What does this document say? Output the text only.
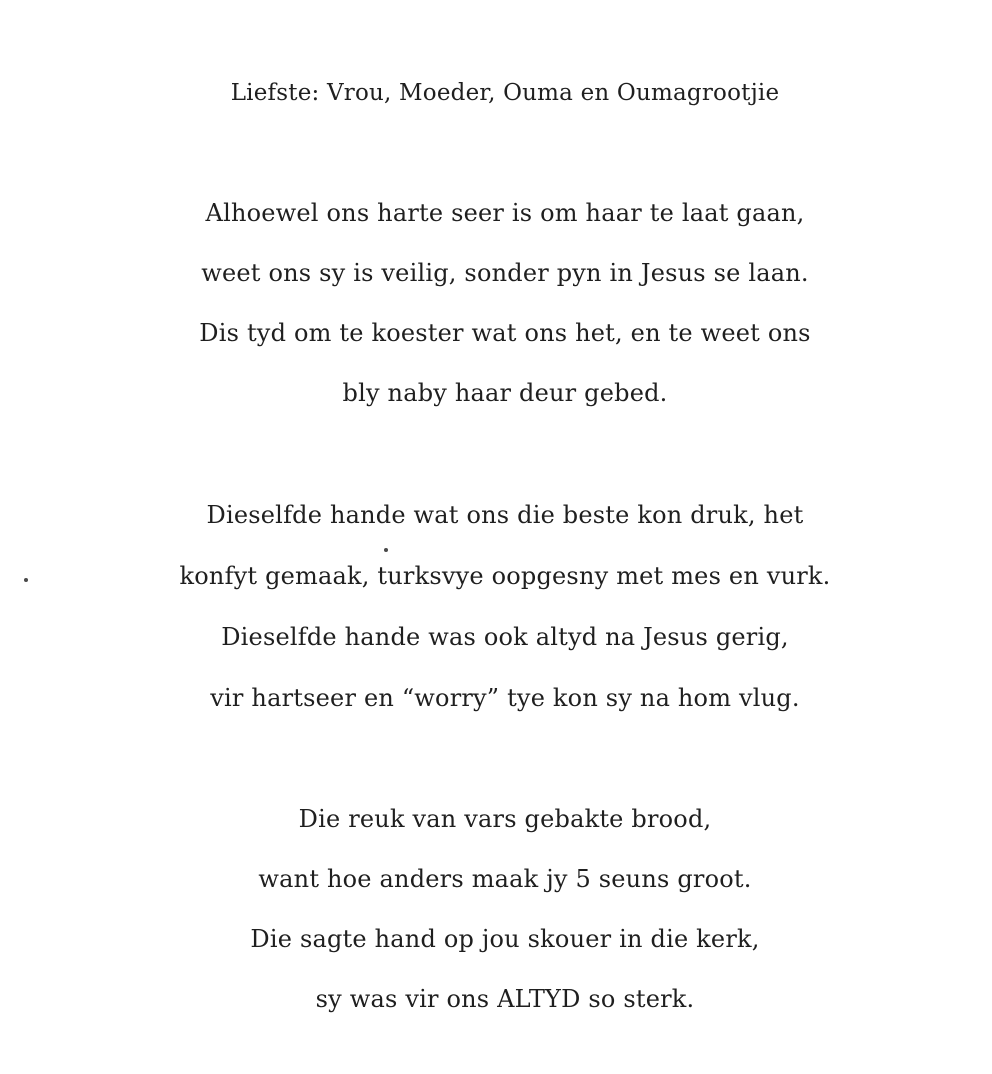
Liefste: Vrou, Moeder, Ouma en Oumagrootjie
Alhoewel ons harte seer is om haar te laat gaan,
weet ons sy is veilig, sonder pyn in Jesus se laan.
Dis tyd om te koester wat ons het, en te weet ons
bly naby haar deur gebed.
Dieselfde hande wat ons die beste kon druk, het
konfyt gemaak, turksvye oopgesny met mes en vurk.
Dieselfde hande was ook altyd na Jesus gerig,
vir hartseer en “worry” tye kon sy na hom vlug.
Die reuk van vars gebakte brood,
want hoe anders maak jy 5 seuns groot.
Die sagte hand op jou skouer in die kerk,
sy was vir ons ALTYD so sterk.
